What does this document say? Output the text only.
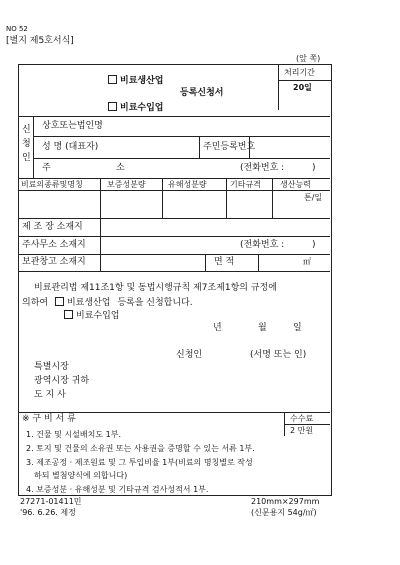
NO 52
[별지 제5호서식]
(앞 쪽)
비료생산업
등록신청서
비료수입업
처리기간
20일
신
청
인
상호또는법인명
성 명 (대표자)	주민등록번호
주	소	(전화번호 :	)
비료의종류및명칭	보증성분량	유해성분량	기타규격 생산능력
톤/일
제 조 장 소재지
주사무소 소재지	(전화번호 :	)
보관창고 소재지	면 적	㎡
비료관리법 제11조1항 및 동법시행규칙 제7조제1항의 규정에
의하여 비료생산업 등록을 신청합니다.
비료수입업
년	월	일
신청인	(서명 또는 인)
특별시장
광역시장 귀하
도 지 사
※ 구 비 서 류	수수료
2 만원
1. 건물 및 시설배치도 1부.
2. 토지 및 건물의 소유권 또는 사용권을 증명할 수 있는 서류 1부.
3. 제조공정 · 제조원료 및 그 투입비율 1부(비료의 명칭별로 작성
하되 별첨양식에 의합니다)
4. 보증성분 · 유해성분 및 기타규격 검사성적서 1부.
27271-01411민
'96. 6.26. 제정
210mm×297mm
(신문용지 54g/㎡)
